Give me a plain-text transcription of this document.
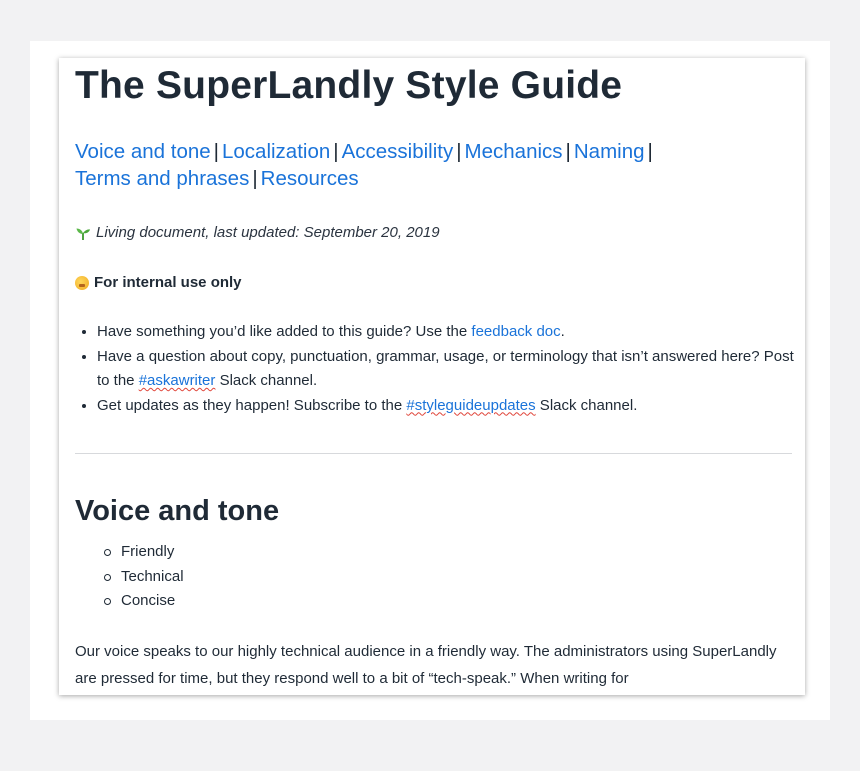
The SuperLandly Style Guide
Voice and tone | Localization | Accessibility | Mechanics | Naming |
Terms and phrases | Resources
Living document, last updated: September 20, 2019
For internal use only
• Have something you’d like added to this guide? Use the feedback doc.
• Have a question about copy, punctuation, grammar, usage, or terminology that isn’t answered here? Post to the #askawriter Slack channel.
• Get updates as they happen! Subscribe to the #styleguideupdates Slack channel.
Voice and tone
Friendly
Technical
Concise

Our voice speaks to our highly technical audience in a friendly way. The administrators using SuperLandly are pressed for time, but they respond well to a bit of “tech-speak.” When writing for
